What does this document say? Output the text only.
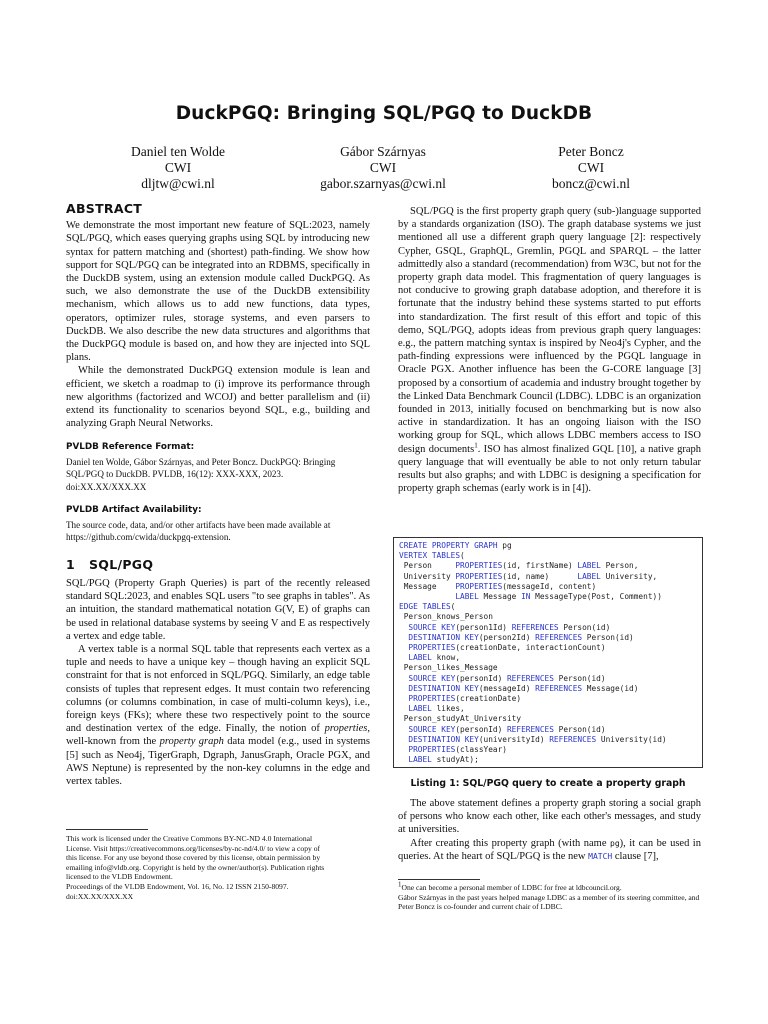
DuckPGQ: Bringing SQL/PGQ to DuckDB
Daniel ten Wolde
CWI
dljtw@cwi.nl
Gábor Szárnyas
CWI
gabor.szarnyas@cwi.nl
Peter Boncz
CWI
boncz@cwi.nl
ABSTRACT

We demonstrate the most important new feature of SQL:2023, namely SQL/PGQ, which eases querying graphs using SQL by introducing new syntax for pattern matching and (shortest) path-finding. We show how support for SQL/PGQ can be integrated into an RDBMS, specifically in the DuckDB system, using an extension module called DuckPGQ. As such, we also demonstrate the use of the DuckDB extensibility mechanism, which allows us to add new functions, data types, operators, optimizer rules, storage systems, and even parsers to DuckDB. We also describe the new data structures and algorithms that the DuckPGQ module is based on, and how they are injected into SQL plans.

While the demonstrated DuckPGQ extension module is lean and efficient, we sketch a roadmap to (i) improve its performance through new algorithms (factorized and WCOJ) and better parallelism and (ii) extend its functionality to scenarios beyond SQL, e.g., building and analyzing Graph Neural Networks.

PVLDB Reference Format:
Daniel ten Wolde, Gábor Szárnyas, and Peter Boncz. DuckPGQ: Bringing
SQL/PGQ to DuckDB. PVLDB, 16(12): XXX-XXX, 2023.
doi:XX.XX/XXX.XX
PVLDB Artifact Availability:
The source code, data, and/or other artifacts have been made available at
https://github.com/cwida/duckpgq-extension.
1 SQL/PGQ

SQL/PGQ (Property Graph Queries) is part of the recently released standard SQL:2023, and enables SQL users "to see graphs in tables". As an intuition, the standard mathematical notation G(V, E) of graphs can be used in relational database systems by seeing V and E as respectively a vertex and edge table.

A vertex table is a normal SQL table that represents each vertex as a tuple and needs to have a unique key – though having an explicit SQL constraint for that is not enforced in SQL/PGQ. Similarly, an edge table consists of tuples that represent edges. It must contain two referencing columns (or columns combination, in case of multi-column keys), i.e., foreign keys (FKs); where these two respectively point to the source and destination vertex of the edge. Finally, the notion of properties, well-known from the property graph data model (e.g., used in systems [5] such as Neo4j, TigerGraph, Dgraph, JanusGraph, Oracle PGX, and AWS Neptune) is represented by the non-key columns in the edge and vertex tables.

This work is licensed under the Creative Commons BY-NC-ND 4.0 International
License. Visit https://creativecommons.org/licenses/by-nc-nd/4.0/ to view a copy of
this license. For any use beyond those covered by this license, obtain permission by
emailing info@vldb.org. Copyright is held by the owner/author(s). Publication rights
licensed to the VLDB Endowment.
Proceedings of the VLDB Endowment, Vol. 16, No. 12 ISSN 2150-8097.
doi:XX.XX/XXX.XX

SQL/PGQ is the first property graph query (sub-)language supported by a standards organization (ISO). The graph database systems we just mentioned all use a different graph query language [2]: respectively Cypher, GSQL, GraphQL, Gremlin, PGQL and SPARQL – the latter admittedly also a standard (recommendation) from W3C, but not for the property graph data model. This fragmentation of query languages is not conducive to growing graph database adoption, and therefore it is fortunate that the industry behind these systems started to put efforts into standardization. The first result of this effort and topic of this demo, SQL/PGQ, adopts ideas from previous graph query languages: e.g., the pattern matching syntax is inspired by Neo4j's Cypher, and the path-finding expressions were influenced by the PGQL language in Oracle PGX. Another influence has been the G-CORE language [3] proposed by a consortium of academia and industry brought together by the Linked Data Benchmark Council (LDBC). LDBC is an organization founded in 2013, initially focused on benchmarking but is now also active in standardization. It has an ongoing liaison with the ISO working group for SQL, which allows LDBC members access to ISO design documents$^1$. ISO has almost finalized GQL [10], a native graph query language that will eventually be able to not only return tabular results but also graphs; and with LDBC is designing a specification for property graph schemas (early work is in [4]).

CREATE PROPERTY GRAPH pg
VERTEX TABLES(
Person     PROPERTIES(id, firstName) LABEL Person,
University PROPERTIES(id, name)      LABEL University,
Message    PROPERTIES(messageId, content)
LABEL Message IN MessageType(Post, Comment))
EDGE TABLES(
Person_knows_Person
SOURCE KEY(person1Id) REFERENCES Person(id)
DESTINATION KEY(person2Id) REFERENCES Person(id)
PROPERTIES(creationDate, interactionCount)
LABEL know,
Person_likes_Message
SOURCE KEY(personId) REFERENCES Person(id)
DESTINATION KEY(messageId) REFERENCES Message(id)
PROPERTIES(creationDate)
LABEL likes,
Person_studyAt_University
SOURCE KEY(personId) REFERENCES Person(id)
DESTINATION KEY(universityId) REFERENCES University(id)
PROPERTIES(classYear)
LABEL studyAt);
Listing 1: SQL/PGQ query to create a property graph

The above statement defines a property graph storing a social graph of persons who know each other, like each other's messages, and study at universities.

After creating this property graph (with name pg), it can be used in queries. At the heart of SQL/PGQ is the new MATCH clause [7],

1One can become a personal member of LDBC for free at ldbcouncil.org.
Gábor Szárnyas in the past years helped manage LDBC as a member of its steering committee, and Peter Boncz is co-founder and current chair of LDBC.
